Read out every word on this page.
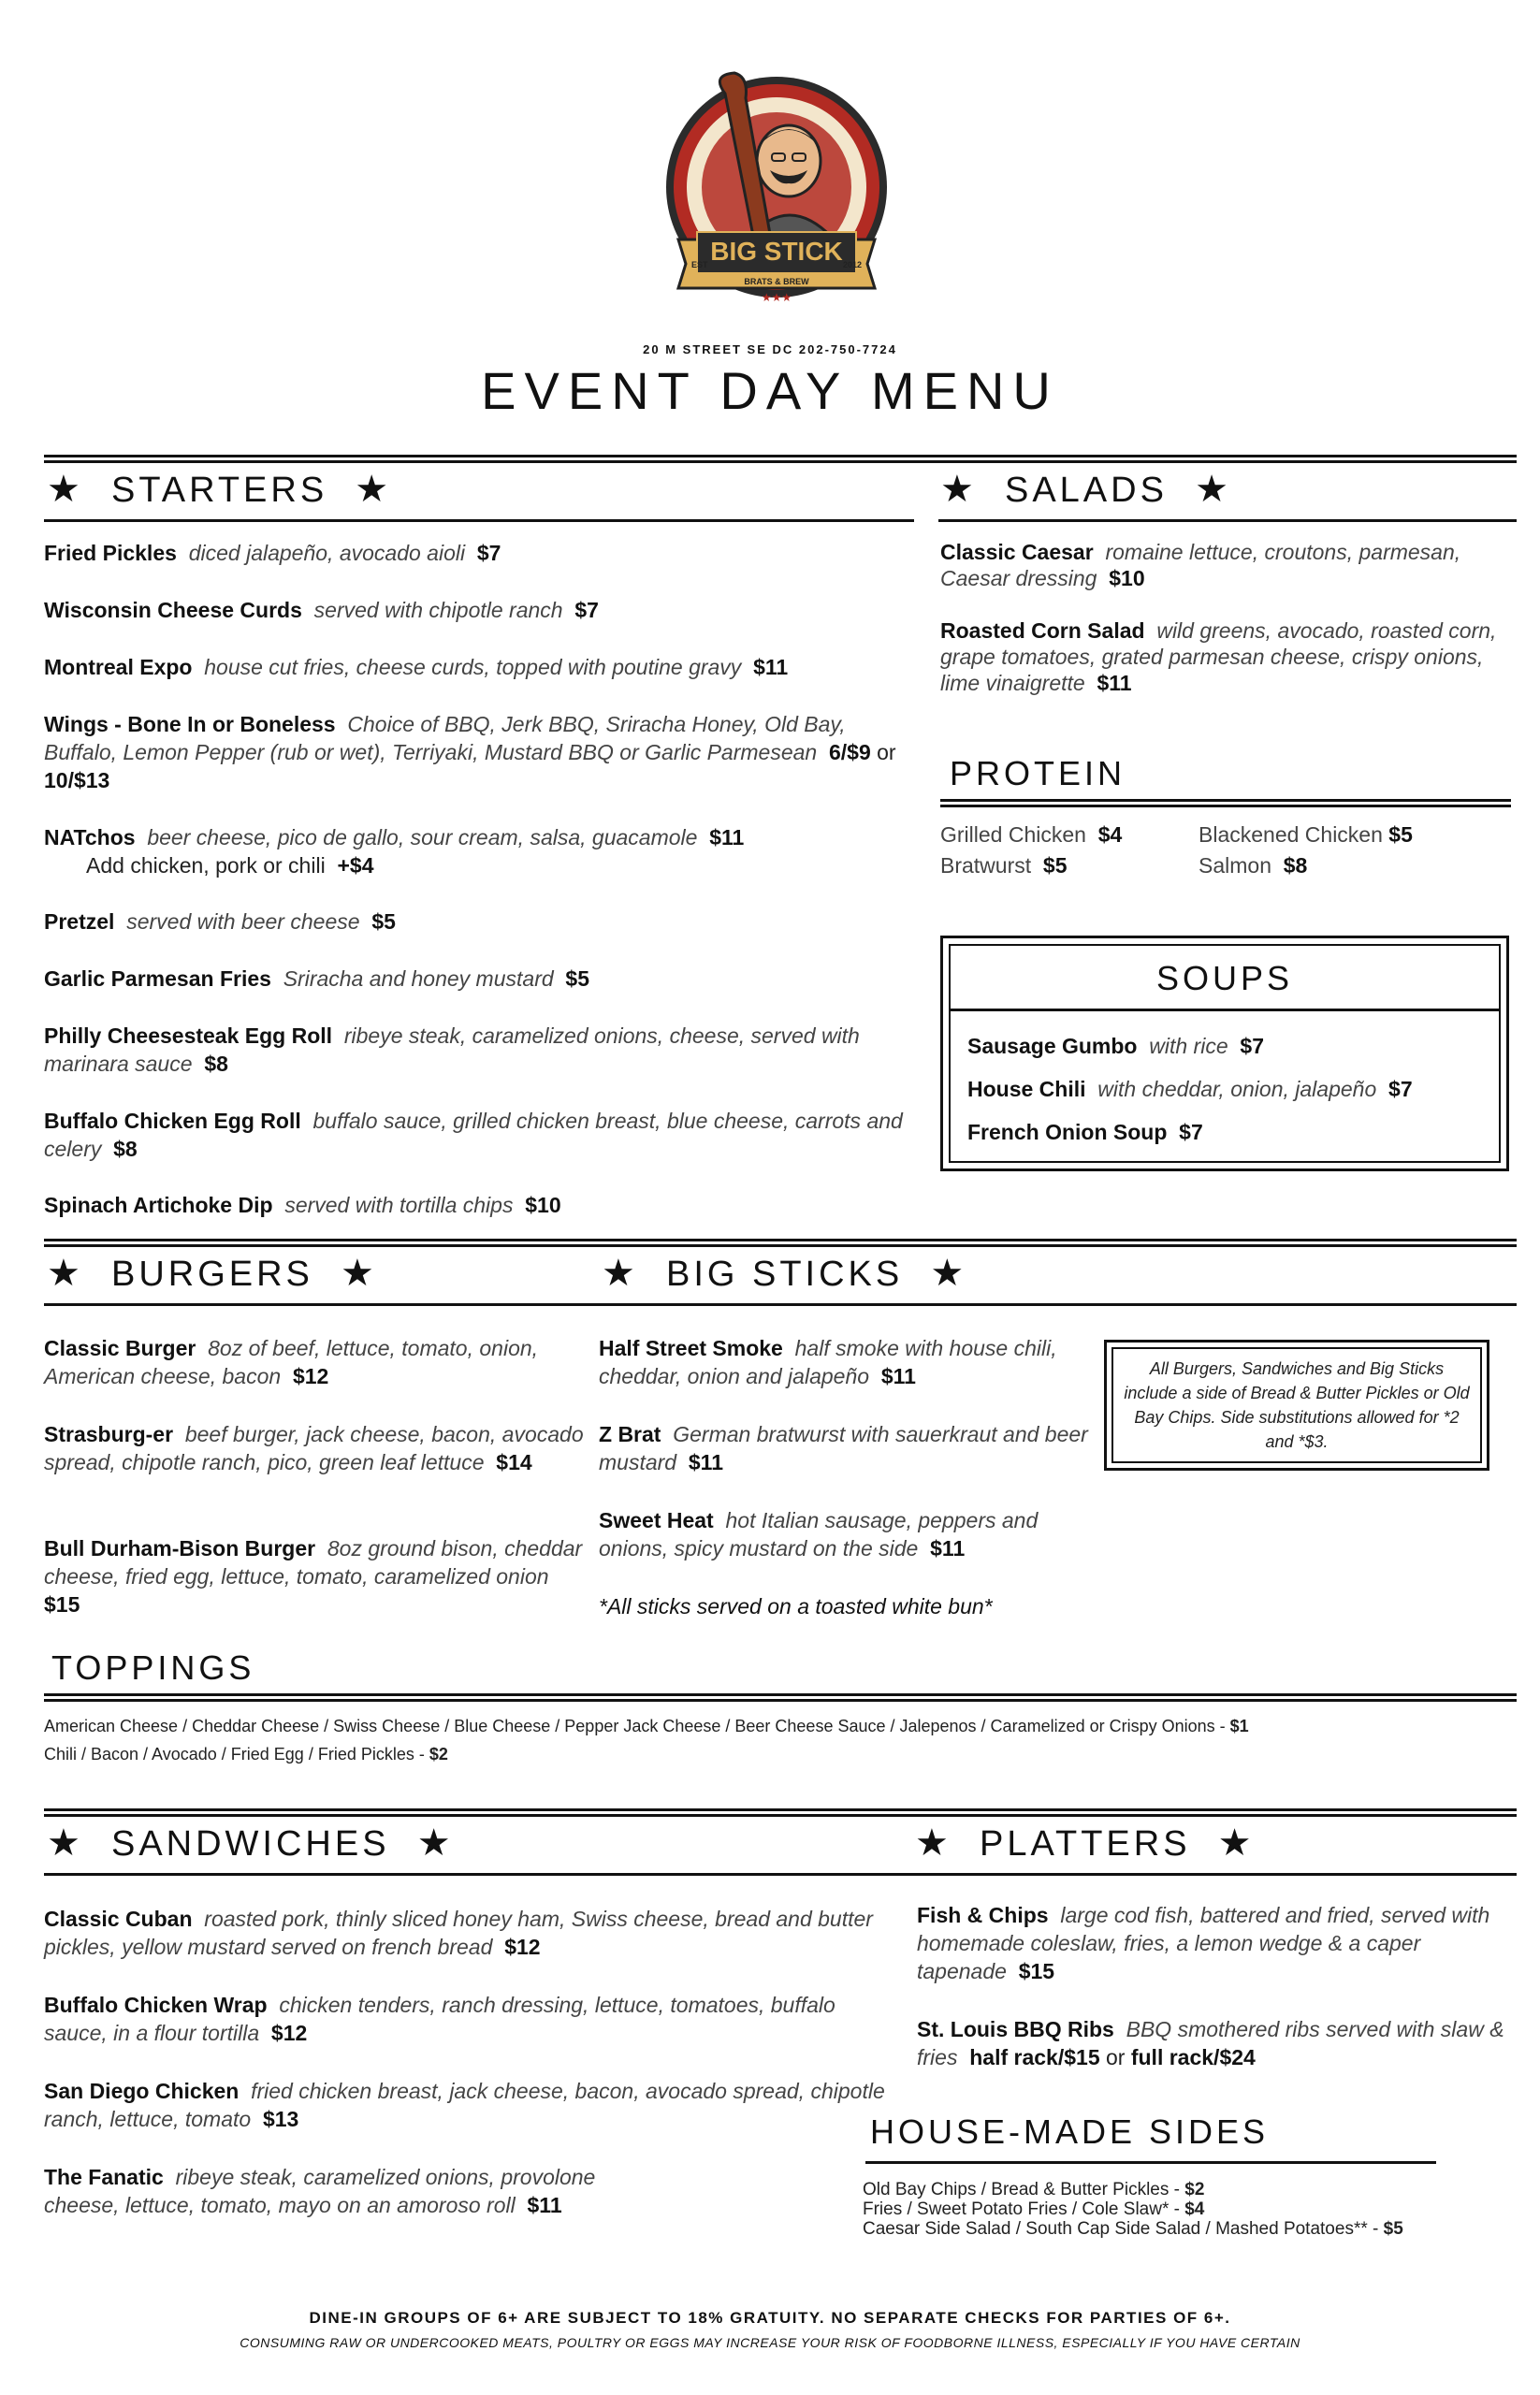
BIG STICK
BRATS & BREW
EST	2012
★★★
20 M STREET SE DC 202-750-7724
EVENT DAY MENU
★ STARTERS ★	★ SALADS ★
Fried Pickles diced jalapeño, avocado aioli $7
Wisconsin Cheese Curds served with chipotle ranch $7
Montreal Expo house cut fries, cheese curds, topped with poutine gravy $11
Wings - Bone In or Boneless Choice of BBQ, Jerk BBQ, Sriracha Honey, Old Bay, Buffalo, Lemon Pepper (rub or wet), Terriyaki, Mustard BBQ or Garlic Parmesean 6/$9 or 10/$13
NATchos beer cheese, pico de gallo, sour cream, salsa, guacamole $11
Add chicken, pork or chili +$4
Pretzel served with beer cheese $5
Garlic Parmesan Fries Sriracha and honey mustard $5
Philly Cheesesteak Egg Roll ribeye steak, caramelized onions, cheese, served with marinara sauce $8
Buffalo Chicken Egg Roll buffalo sauce, grilled chicken breast, blue cheese, carrots and celery $8
Spinach Artichoke Dip served with tortilla chips $10
Classic Caesar romaine lettuce, croutons, parmesan, Caesar dressing $10
Roasted Corn Salad wild greens, avocado, roasted corn, grape tomatoes, grated parmesan cheese, crispy onions, lime vinaigrette $11
PROTEIN
Grilled Chicken $4	Blackened Chicken $5
Bratwurst $5	Salmon $8
SOUPS
Sausage Gumbo with rice $7
House Chili with cheddar, onion, jalapeño $7
French Onion Soup $7
★ BURGERS ★	★ BIG STICKS ★
Classic Burger 8oz of beef, lettuce, tomato, onion, American cheese, bacon $12
Strasburg-er beef burger, jack cheese, bacon, avocado spread, chipotle ranch, pico, green leaf lettuce $14
Bull Durham-Bison Burger 8oz ground bison, cheddar cheese, fried egg, lettuce, tomato, caramelized onion  $15
Half Street Smoke half smoke with house chili, cheddar, onion and jalapeño $11
Z Brat German bratwurst with sauerkraut and beer mustard $11
Sweet Heat hot Italian sausage, peppers and onions, spicy mustard on the side $11
*All sticks served on a toasted white bun*
All Burgers, Sandwiches and Big Sticks include a side of Bread & Butter Pickles or Old Bay Chips. Side substitutions allowed for *2 and *$3.
TOPPINGS
American Cheese / Cheddar Cheese / Swiss Cheese / Blue Cheese / Pepper Jack Cheese / Beer Cheese Sauce / Jalepenos / Caramelized or Crispy Onions - $1
Chili / Bacon / Avocado / Fried Egg / Fried Pickles - $2
★ SANDWICHES ★	★ PLATTERS ★
Classic Cuban roasted pork, thinly sliced honey ham, Swiss cheese, bread and butter pickles, yellow mustard served on french bread $12
Buffalo Chicken Wrap chicken tenders, ranch dressing, lettuce, tomatoes, buffalo sauce, in a flour tortilla $12
San Diego Chicken fried chicken breast, jack cheese, bacon, avocado spread, chipotle ranch, lettuce, tomato $13
The Fanatic ribeye steak, caramelized onions, provolone cheese, lettuce, tomato, mayo on an amoroso roll $11
Fish & Chips large cod fish, battered and fried, served with homemade coleslaw, fries, a lemon wedge & a caper tapenade $15
St. Louis BBQ Ribs BBQ smothered ribs served with slaw & fries half rack/$15 or full rack/$24
HOUSE-MADE SIDES
Old Bay Chips / Bread & Butter Pickles - $2
Fries / Sweet Potato Fries / Cole Slaw* - $4
Caesar Side Salad / South Cap Side Salad / Mashed Potatoes** - $5
DINE-IN GROUPS OF 6+ ARE SUBJECT TO 18% GRATUITY. NO SEPARATE CHECKS FOR PARTIES OF 6+.
CONSUMING RAW OR UNDERCOOKED MEATS, POULTRY OR EGGS MAY INCREASE YOUR RISK OF FOODBORNE ILLNESS, ESPECIALLY IF YOU HAVE CERTAIN
